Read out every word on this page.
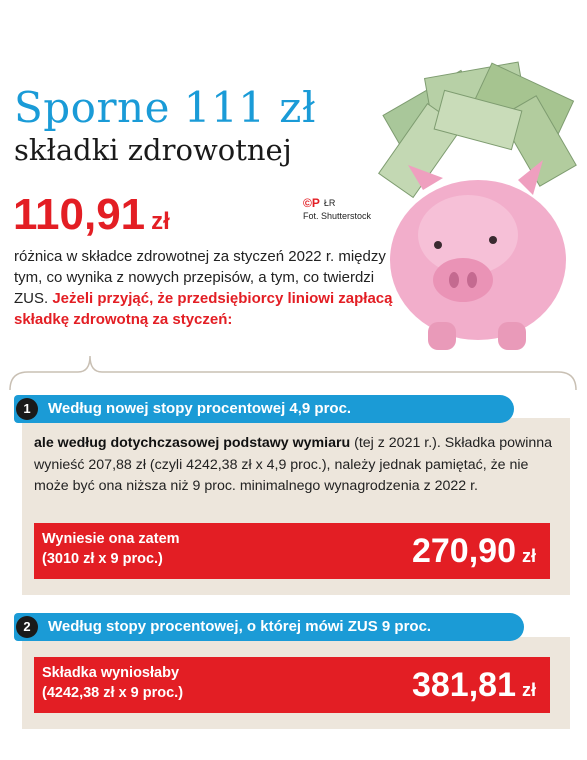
Sporne 111 zł
składki zdrowotnej
110,91 zł
©P ŁR
Fot. Shutterstock
różnica w składce zdrowotnej za styczeń 2022 r. między tym, co wynika z nowych przepisów, a tym, co twierdzi ZUS. Jeżeli przyjąć, że przedsiębiorcy liniowi zapłacą składkę zdrowotną za styczeń:
1	Według nowej stopy procentowej 4,9 proc.
ale według dotychczasowej podstawy wymiaru (tej z 2021 r.). Składka powinna wynieść 207,88 zł (czyli 4242,38 zł x 4,9 proc.), należy jednak pamiętać, że nie może być ona niższa niż 9 proc. minimalnego wynagrodzenia z 2022 r.
Wyniesie ona zatem
(3010 zł x 9 proc.)	270,90 zł
2	Według stopy procentowej, o której mówi ZUS 9 proc.
Składka wyniosłaby
(4242,38 zł x 9 proc.)	381,81 zł
